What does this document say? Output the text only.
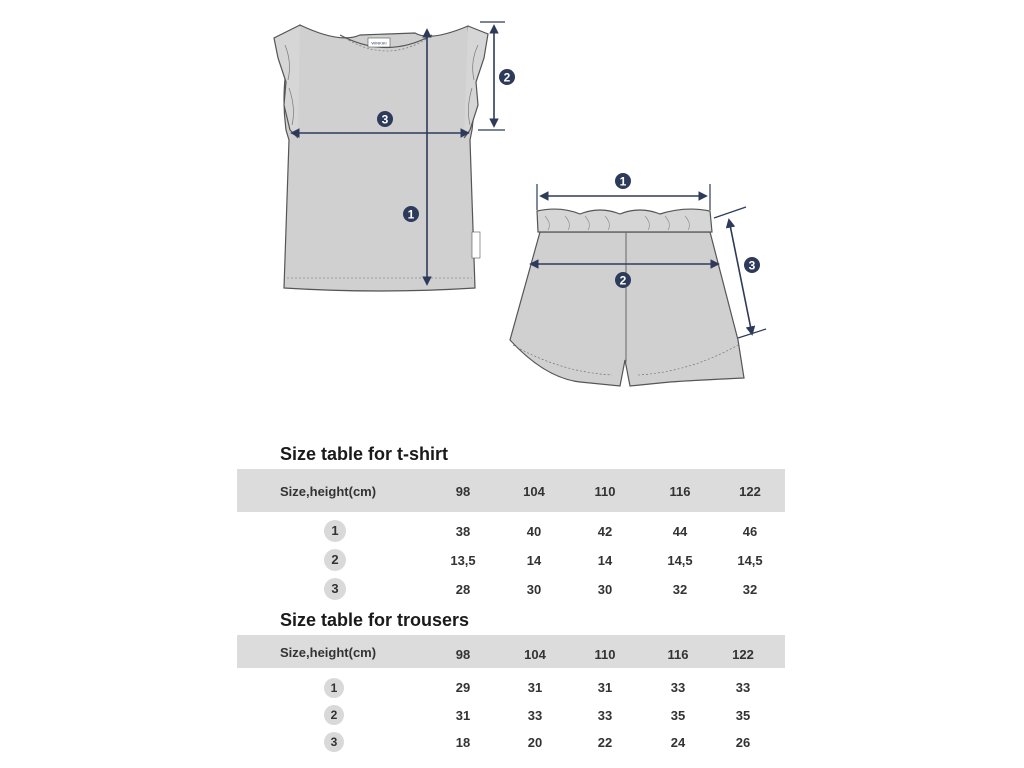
WINKIKI
1
2
3
1
2
3
Size table for t-shirt
Size,height(cm)	98	104	110	116	122
1	38	40	42	44	46
2	13,5	14	14	14,5	14,5
3	28	30	30	32	32
Size table for trousers
Size,height(cm)	98	104	110	116	122
1	29	31	31	33	33
2	31	33	33	35	35
3	18	20	22	24	26
